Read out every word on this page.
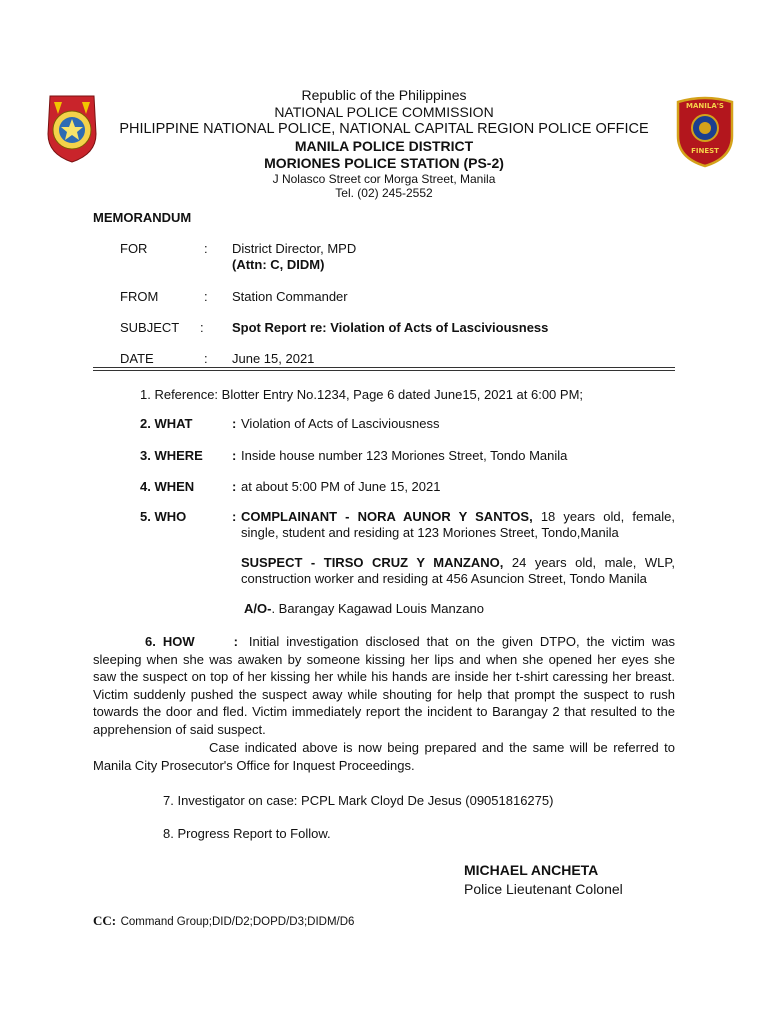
MANILA'S
FINEST
Republic of the Philippines
NATIONAL POLICE COMMISSION
PHILIPPINE NATIONAL POLICE, NATIONAL CAPITAL REGION POLICE OFFICE
MANILA POLICE DISTRICT
MORIONES POLICE STATION (PS-2)
J Nolasco Street cor Morga Street, Manila
Tel. (02) 245-2552
MEMORANDUM
FOR	: District Director, MPD
(Attn: C, DIDM)
FROM	: Station Commander
SUBJECT : Spot Report re: Violation of Acts of Lasciviousness
DATE	: June 15, 2021
1. Reference: Blotter Entry No.1234, Page 6 dated June15, 2021 at 6:00 PM;
2. WHAT	: Violation of Acts of Lasciviousness
3. WHERE : Inside house number 123 Moriones Street, Tondo Manila
4. WHEN	: at about 5:00 PM of June 15, 2021
5. WHO	: COMPLAINANT - NORA AUNOR Y SANTOS, 18 years old, female, single, student and residing at 123 Moriones Street, Tondo,Manila
SUSPECT - TIRSO CRUZ Y MANZANO, 24 years old, male, WLP, construction worker and residing at 456 Asuncion Street, Tondo Manila
A/O-. Barangay Kagawad Louis Manzano
6. HOW	: Initial investigation disclosed that on the given DTPO, the victim was sleeping when she was awaken by someone kissing her lips and when she opened her eyes she saw the suspect on top of her kissing her while his hands are inside her t-shirt caressing her breast. Victim suddenly pushed the suspect away while shouting for help that prompt the suspect to rush towards the door and fled. Victim immediately report the incident to Barangay 2 that resulted to the apprehension of said suspect.
Case indicated above is now being prepared and the same will be referred to Manila City Prosecutor's Office for Inquest Proceedings.
7. Investigator on case: PCPL Mark Cloyd De Jesus (09051816275)
8. Progress Report to Follow.
MICHAEL ANCHETA
Police Lieutenant Colonel
CC: Command Group;DID/D2;DOPD/D3;DIDM/D6
